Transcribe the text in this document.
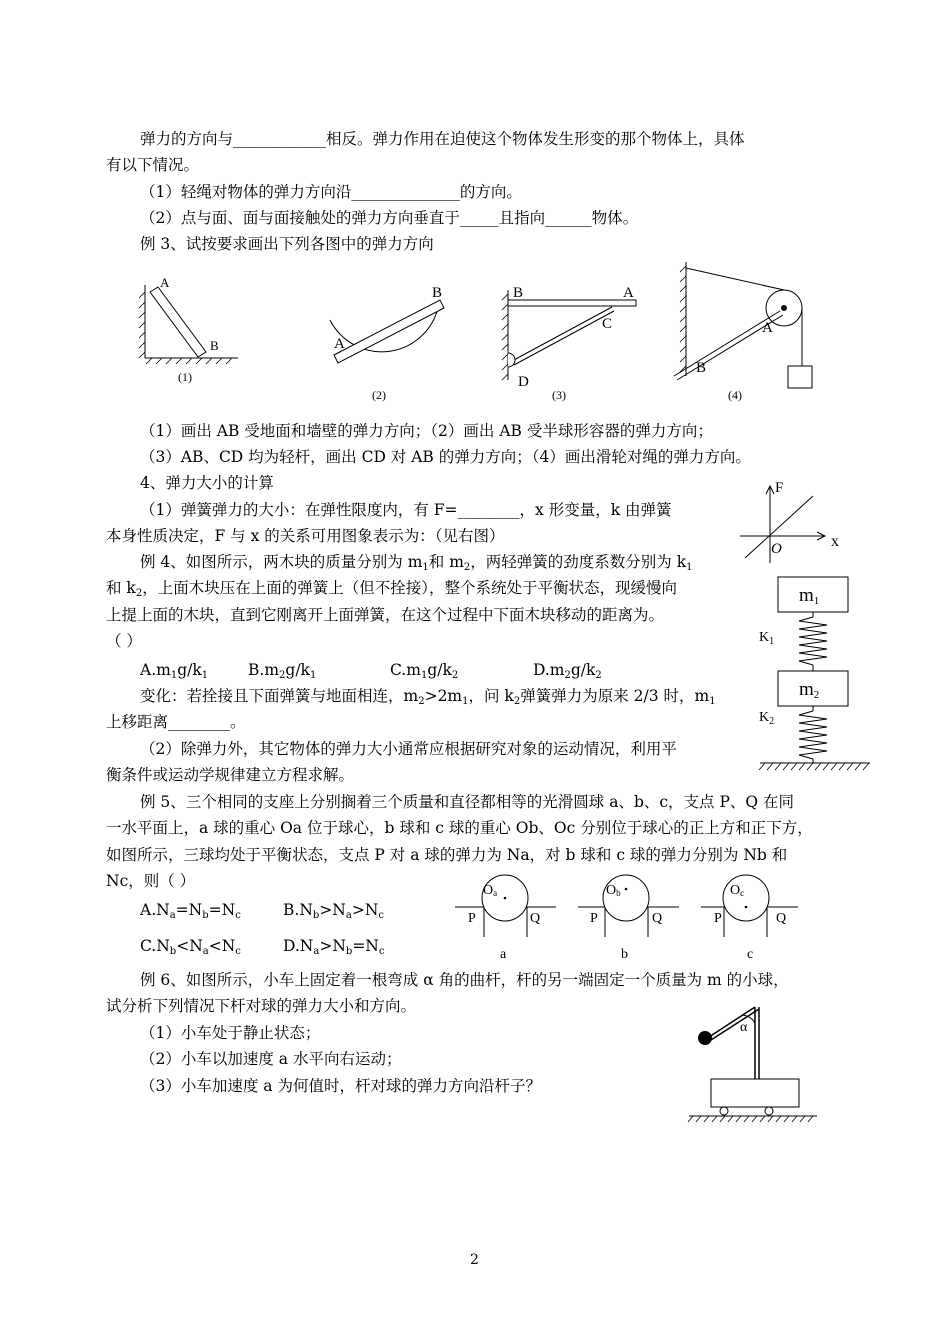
弹力的方向与____________相反。弹力作用在迫使这个物体发生形变的那个物体上，具体
有以下情况。
（1）轻绳对物体的弹力方向沿______________的方向。
（2）点与面、面与面接触处的弹力方向垂直于_____且指向______物体。
例 3、试按要求画出下列各图中的弹力方向
（1）画出 AB 受地面和墙壁的弹力方向；（2）画出 AB 受半球形容器的弹力方向；
（3）AB、CD 均为轻杆，画出 CD 对 AB 的弹力方向；（4）画出滑轮对绳的弹力方向。
4、弹力大小的计算
（1）弹簧弹力的大小：在弹性限度内，有 F=________，x 形变量，k 由弹簧
本身性质决定，F 与 x 的关系可用图象表示为：（见右图）
例 4、如图所示，两木块的质量分别为 $m_1$和 $m_2$，两轻弹簧的劲度系数分别为 $k_1$
和 $k_2$，上面木块压在上面的弹簧上（但不拴接），整个系统处于平衡状态，现缓慢向
上提上面的木块，直到它刚离开上面弹簧，在这个过程中下面木块移动的距离为。
（ ）
$A.m_1g/k_1$	$B.m_2g/k_1$	$C.m_1g/k_2$	$D.m_2g/k_2$
变化：若拴接且下面弹簧与地面相连，$m_2>2m_1$，问 $k_2$弹簧弹力为原来 2/3 时，$m_1$
上移距离________。
（2）除弹力外，其它物体的弹力大小通常应根据研究对象的运动情况，利用平
衡条件或运动学规律建立方程求解。
例 5、三个相同的支座上分别搁着三个质量和直径都相等的光滑圆球 a、b、c，支点 P、Q 在同
一水平面上，a 球的重心 Oa 位于球心，b 球和 c 球的重心 Ob、Oc 分别位于球心的正上方和正下方，
如图所示，三球均处于平衡状态，支点 P 对 a 球的弹力为 Na，对 b 球和 c 球的弹力分别为 Nb 和
Nc，则（ ）
$A.N_a=N_b=N_c$	$B.N_b>N_a>N_c$
$C.N_b<N_a<N_c$	$D.N_a>N_b=N_c$
例 6、如图所示，小车上固定着一根弯成 α 角的曲杆，杆的另一端固定一个质量为 m 的小球，
试分析下列情况下杆对球的弹力大小和方向。
（1）小车处于静止状态；
（2）小车以加速度 a 水平向右运动；
（3）小车加速度 a 为何值时，杆对球的弹力方向沿杆子？
2
A
B
(1)
A
B
(2)
B	A
C
D
(3)
A
B
(4)
F
x
O
m1
m2
$K_1$
$K_2$
Oa
P	Q
a
Ob
P	Q
b
Oc
P	Q
c
α
